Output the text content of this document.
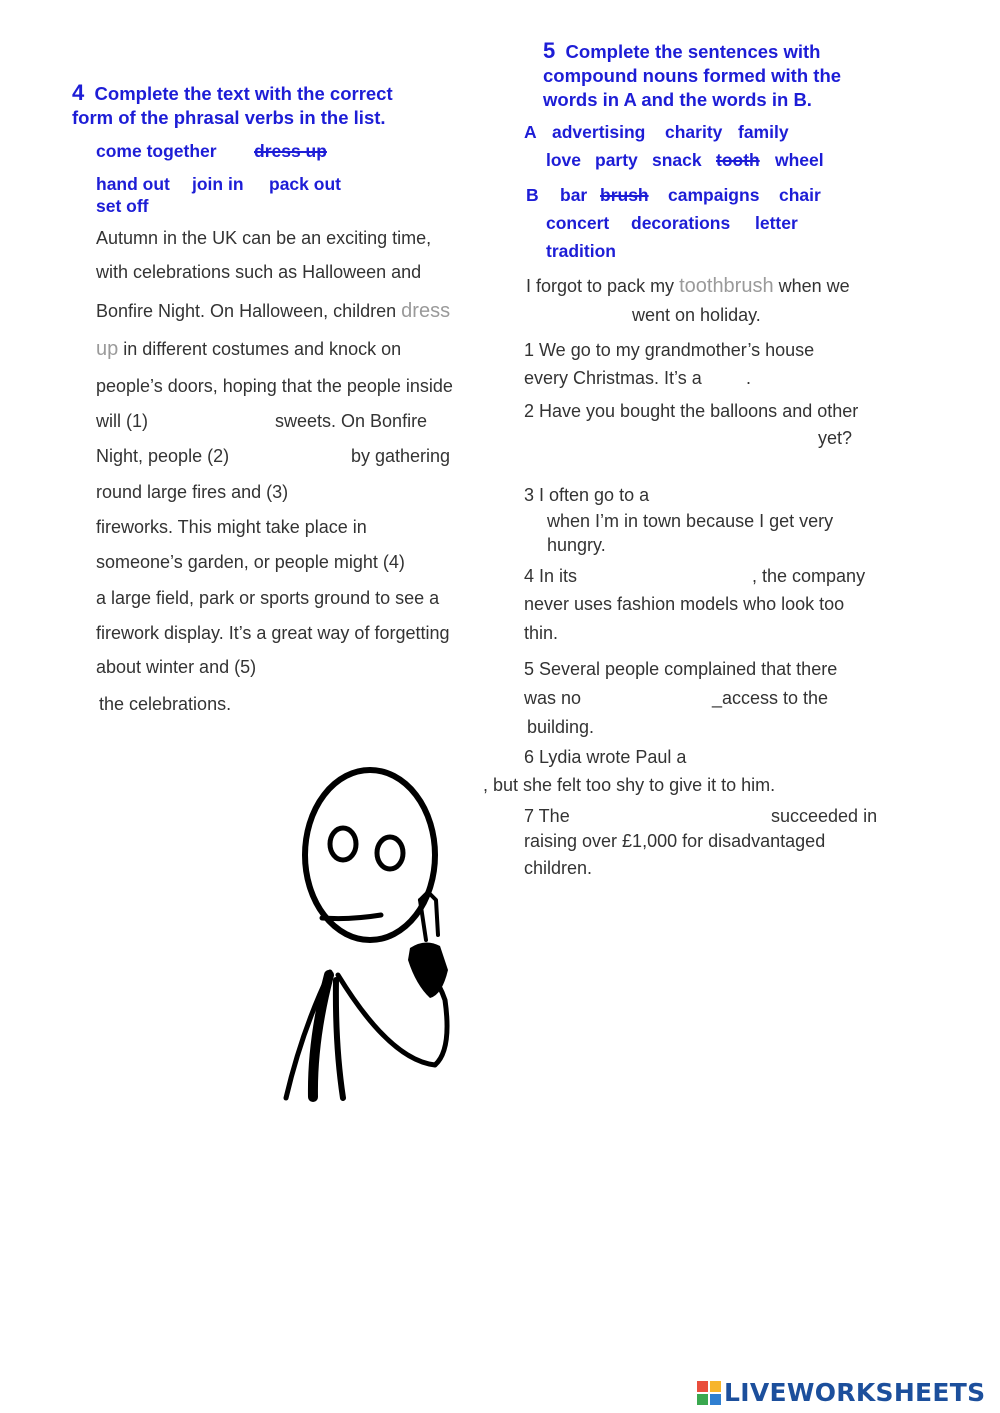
4 Complete the text with the correct
form of the phrasal verbs in the list.
come together dress up
hand out join in pack out
set off
Autumn in the UK can be an exciting time,
with celebrations such as Halloween and
Bonfire Night. On Halloween, children dress
up in different costumes and knock on
people’s doors, hoping that the people inside
will (1)	sweets. On Bonfire
Night, people (2)	by gathering
round large fires and (3)
fireworks. This might take place in
someone’s garden, or people might (4)
a large field, park or sports ground to see a
firework display. It’s a great way of forgetting
about winter and (5)
the celebrations.
5 Complete the sentences with
compound nouns formed with the
words in A and the words in B.
A advertising charity family
love party snack tooth wheel
B bar brush campaigns chair
concert decorations letter
tradition
I forgot to pack my toothbrush when we
went on holiday.
1 We go to my grandmother’s house
every Christmas. It’s a .
2 Have you bought the balloons and other
yet?
3 I often go to a
when I’m in town because I get very
hungry.
4 In its	, the company
never uses fashion models who look too
thin.
5 Several people complained that there
was no	_access to the
building.
6 Lydia wrote Paul a
, but she felt too shy to give it to him.
7 The	succeeded in
raising over £1,000 for disadvantaged
children.
LIVEWORKSHEETS
